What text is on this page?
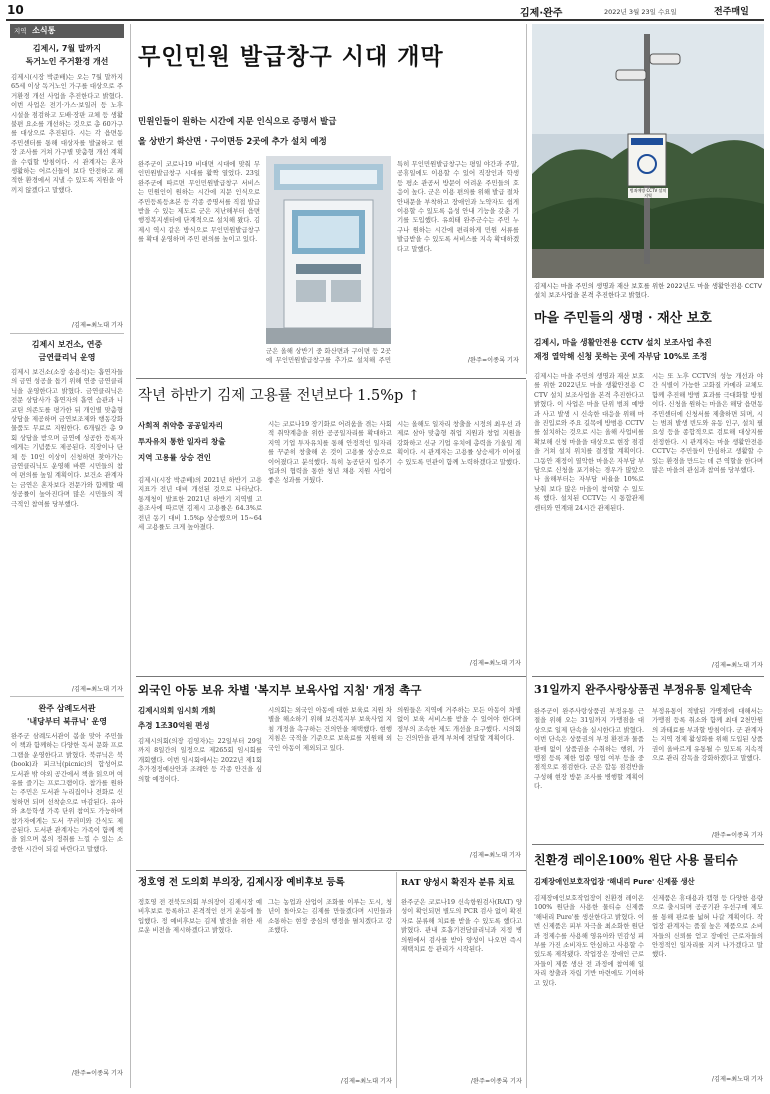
10	김제·완주	2022년 3월 23일 수요일	전주매일
지역 소식통
김제시, 7월 말까지
독거노인 주거환경 개선
김제시(시장 박준배)는 오는 7월 말까지 65세 이상 독거노인 가구를 대상으로 주거환경 개선 사업을 추진한다고 밝혔다. 이번 사업은 전기·가스·보일러 등 노후 시설을 점검하고 도배·장판 교체 등 생활 불편 요소를 개선하는 것으로 총 60가구를 대상으로 추진된다. 시는 각 읍면동 주민센터를 통해 대상자를 발굴하고 현장 조사를 거쳐 가구별 맞춤형 개선 계획을 수립할 방침이다. 시 관계자는 혼자 생활하는 어르신들이 보다 안전하고 쾌적한 환경에서 지낼 수 있도록 지원을 아끼지 않겠다고 말했다.
/김제=최노대 기자
김제시 보건소, 연중
금연클리닉 운영
김제시 보건소(소장 송용석)는 흡연자들의 금연 성공을 돕기 위해 연중 금연클리닉을 운영한다고 밝혔다. 금연클리닉은 전문 상담사가 흡연자의 흡연 습관과 니코틴 의존도를 평가한 뒤 개인별 맞춤형 상담을 제공하며 금연보조제와 행동강화 물품도 무료로 지원한다. 6개월간 총 9회 상담을 받으며 금연에 성공한 등록자에게는 기념품도 제공된다. 직장이나 단체 등 10인 이상이 신청하면 찾아가는 금연클리닉도 운영해 바쁜 시민들의 참여 편의를 높일 계획이다. 보건소 관계자는 금연은 혼자보다 전문가와 함께할 때 성공률이 높아진다며 많은 시민들의 적극적인 참여를 당부했다.
/김제=최노대 기자
완주 삼례도서관
'내당부터 북큐닉' 운영
완주군 삼례도서관이 봄을 맞아 주민들이 책과 함께하는 다양한 독서 문화 프로그램을 운영한다고 밝혔다. 북큐닉은 북(book)과 피크닉(picnic)의 합성어로 도서관 밖 야외 공간에서 책을 읽으며 여유를 즐기는 프로그램이다. 참가를 원하는 주민은 도서관 누리집이나 전화로 신청하면 되며 선착순으로 마감된다. 유아와 초등학생 가족 단위 참여도 가능하며 참가자에게는 도서 꾸러미와 간식도 제공된다. 도서관 관계자는 가족이 함께 책을 읽으며 봄의 정취를 느낄 수 있는 소중한 시간이 되길 바란다고 말했다.
/완주=이종록 기자
무인민원 발급창구 시대 개막
민원인들이 원하는 시간에 지문 인식으로 증명서 발급
올 상반기 화산면 · 구이면등 2곳에 추가 설치 예정
완주군이 코로나19 비대면 시대에 맞춰 무인민원발급창구 시대를 활짝 열었다. 23일 완주군에 따르면 무인민원발급창구 서비스는 민원인이 원하는 시간에 지문 인식으로 주민등록등초본 등 각종 증명서를 직접 발급받을 수 있는 제도로 군은 지난해부터 읍면 행정복지센터에 단계적으로 설치해 왔다. 김제시 역시 같은 방식으로 무인민원발급창구를 확대 운영하며 주민 편의를 높이고 있다.
군은 올해 상반기 중 화산면과 구이면 등 2곳에 무인민원발급창구를 추가로 설치해 주민
특히 무인민원발급창구는 평일 야간과 주말, 공휴일에도 이용할 수 있어 직장인과 학생 등 평소 관공서 방문이 어려운 주민들의 호응이 높다. 군은 이용 편의를 위해 발급 절차 안내문을 부착하고 장애인과 노약자도 쉽게 이용할 수 있도록 음성 안내 기능을 갖춘 기기를 도입했다. 유희태 완주군수는 주민 누구나 원하는 시간에 편리하게 민원 서류를 발급받을 수 있도록 서비스를 지속 확대하겠다고 말했다.
/완주=이종록 기자
범죄예방 CCTV 설치지역
김제시는 마을 주민의 생명과 재산 보호를 위한 2022년도 마을 생활안전용 CCTV 설치 보조사업을 본격 추진한다고 밝혔다.
마을 주민들의 생명 · 재산 보호
김제시, 마을 생활안전용 CCTV 설치 보조사업 추진
재정 열악해 신청 못하는 곳에 자부담 10%로 조정
김제시는 마을 주민의 생명과 재산 보호를 위한 2022년도 마을 생활안전용 CCTV 설치 보조사업을 본격 추진한다고 밝혔다. 이 사업은 마을 단위 범죄 예방과 사고 발생 시 신속한 대응을 위해 마을 진입로와 주요 길목에 방범용 CCTV를 설치하는 것으로 시는 올해 사업비를 확보해 신청 마을을 대상으로 현장 점검을 거쳐 설치 위치를 결정할 계획이다. 그동안 재정이 열악한 마을은 자부담 부담으로 신청을 포기하는 경우가 많았으나 올해부터는 자부담 비율을 10%로 낮춰 보다 많은 마을이 참여할 수 있도록 했다. 설치된 CCTV는 시 통합관제센터와 연계돼 24시간 관제된다.
시는 또 노후 CCTV의 성능 개선과 야간 식별이 가능한 고화질 카메라 교체도 함께 추진해 방범 효과를 극대화할 방침이다. 신청을 원하는 마을은 해당 읍면동 주민센터에 신청서를 제출하면 되며, 시는 범죄 발생 빈도와 유동 인구, 설치 필요성 등을 종합적으로 검토해 대상지를 선정한다. 시 관계자는 마을 생활안전용 CCTV는 주민들이 안심하고 생활할 수 있는 환경을 만드는 데 큰 역할을 한다며 많은 마을의 관심과 참여를 당부했다.
/김제=최노대 기자
작년 하반기 김제 고용률 전년보다 1.5%p ↑
사회적 취약층 공공일자리
투자유치 통한 일자리 창출
지역 고용률 상승 견인
김제시(시장 박준배)의 2021년 하반기 고용지표가 전년 대비 개선된 것으로 나타났다. 통계청이 발표한 2021년 하반기 지역별 고용조사에 따르면 김제시 고용률은 64.3%로 전년 동기 대비 1.5%p 상승했으며 15~64세 고용률도 크게 높아졌다.
시는 코로나19 장기화로 어려움을 겪는 사회적 취약계층을 위한 공공일자리를 확대하고 지역 기업 투자유치를 통해 안정적인 일자리를 꾸준히 창출해 온 것이 고용률 상승으로 이어졌다고 분석했다. 특히 농공단지 입주기업과의 협력을 통한 청년 채용 지원 사업이 좋은 성과를 거뒀다.
시는 올해도 일자리 창출을 시정의 최우선 과제로 삼아 맞춤형 취업 지원과 창업 지원을 강화하고 신규 기업 유치에 총력을 기울일 계획이다. 시 관계자는 고용률 상승세가 이어질 수 있도록 민관이 함께 노력하겠다고 말했다.
/김제=최노대 기자
31일까지 완주사랑상품권 부정유통 일제단속
완주군이 완주사랑상품권 부정유통 근절을 위해 오는 31일까지 가맹점을 대상으로 일제 단속을 실시한다고 밝혔다. 이번 단속은 상품권의 부정 환전과 물품 판매 없이 상품권을 수취하는 행위, 가맹점 등록 제한 업종 영업 여부 등을 중점적으로 점검한다. 군은 합동 점검반을 구성해 현장 방문 조사를 병행할 계획이다.
부정유통이 적발된 가맹점에 대해서는 가맹점 등록 취소와 함께 최대 2천만원의 과태료를 부과할 방침이다. 군 관계자는 지역 경제 활성화를 위해 도입된 상품권이 올바르게 유통될 수 있도록 지속적으로 관리 감독을 강화하겠다고 말했다.
/완주=이종록 기자
외국인 아동 보유 차별 '복지부 보육사업 지침' 개정 촉구
김제시의회 임시회 개회
추경 1조30억원 편성
김제시의회(의장 김영자)는 22일부터 29일까지 8일간의 일정으로 제265회 임시회를 개회했다. 이번 임시회에서는 2022년 제1회 추가경정예산안과 조례안 등 각종 안건을 심의할 예정이다.
시의회는 외국인 아동에 대한 보육료 지원 차별을 해소하기 위해 보건복지부 보육사업 지침 개정을 촉구하는 건의안을 채택했다. 현행 지침은 국적을 기준으로 보육료를 지원해 외국인 아동이 제외되고 있다.
의원들은 지역에 거주하는 모든 아동이 차별 없이 보육 서비스를 받을 수 있어야 한다며 정부의 조속한 제도 개선을 요구했다. 시의회는 건의안을 관계 부처에 전달할 계획이다.
/김제=최노대 기자 친환경 레이온100% 원단 사용 물티슈
김제장애인보호작업장 '해내리 Pure' 신제품 생산
김제장애인보호작업장이 친환경 레이온 100% 원단을 사용한 물티슈 신제품 '해내리 Pure'를 생산한다고 밝혔다. 이번 신제품은 피부 자극을 최소화한 원단과 정제수를 사용해 영유아와 민감성 피부를 가진 소비자도 안심하고 사용할 수 있도록 제작됐다. 작업장은 장애인 근로자들이 제품 생산 전 과정에 참여해 일자리 창출과 자립 기반 마련에도 기여하고 있다.
신제품은 휴대용과 캡형 등 다양한 용량으로 출시되며 공공기관 우선구매 제도를 통해 판로를 넓혀 나갈 계획이다. 작업장 관계자는 품질 높은 제품으로 소비자들의 신뢰를 얻고 장애인 근로자들의 안정적인 일자리를 지켜 나가겠다고 말했다.
/김제=최노대 기자
정호영 전 도의회 부의장, 김제시장 예비후보 등록
정호영 전 전북도의회 부의장이 김제시장 예비후보로 등록하고 본격적인 선거 운동에 돌입했다. 정 예비후보는 김제 발전을 위한 새로운 비전을 제시하겠다고 밝혔다.
그는 농업과 산업이 조화를 이루는 도시, 청년이 돌아오는 김제를 만들겠다며 시민들과 소통하는 현장 중심의 행정을 펼치겠다고 강조했다.
/김제=최노대 기자
RAT 양성시 확진자 분류 치료
완주군은 코로나19 신속항원검사(RAT) 양성이 확인되면 별도의 PCR 검사 없이 확진자로 분류해 치료를 받을 수 있도록 했다고 밝혔다. 관내 호흡기전담클리닉과 지정 병의원에서 검사를 받아 양성이 나오면 즉시 재택치료 등 관리가 시작된다.
/완주=이종록 기자
